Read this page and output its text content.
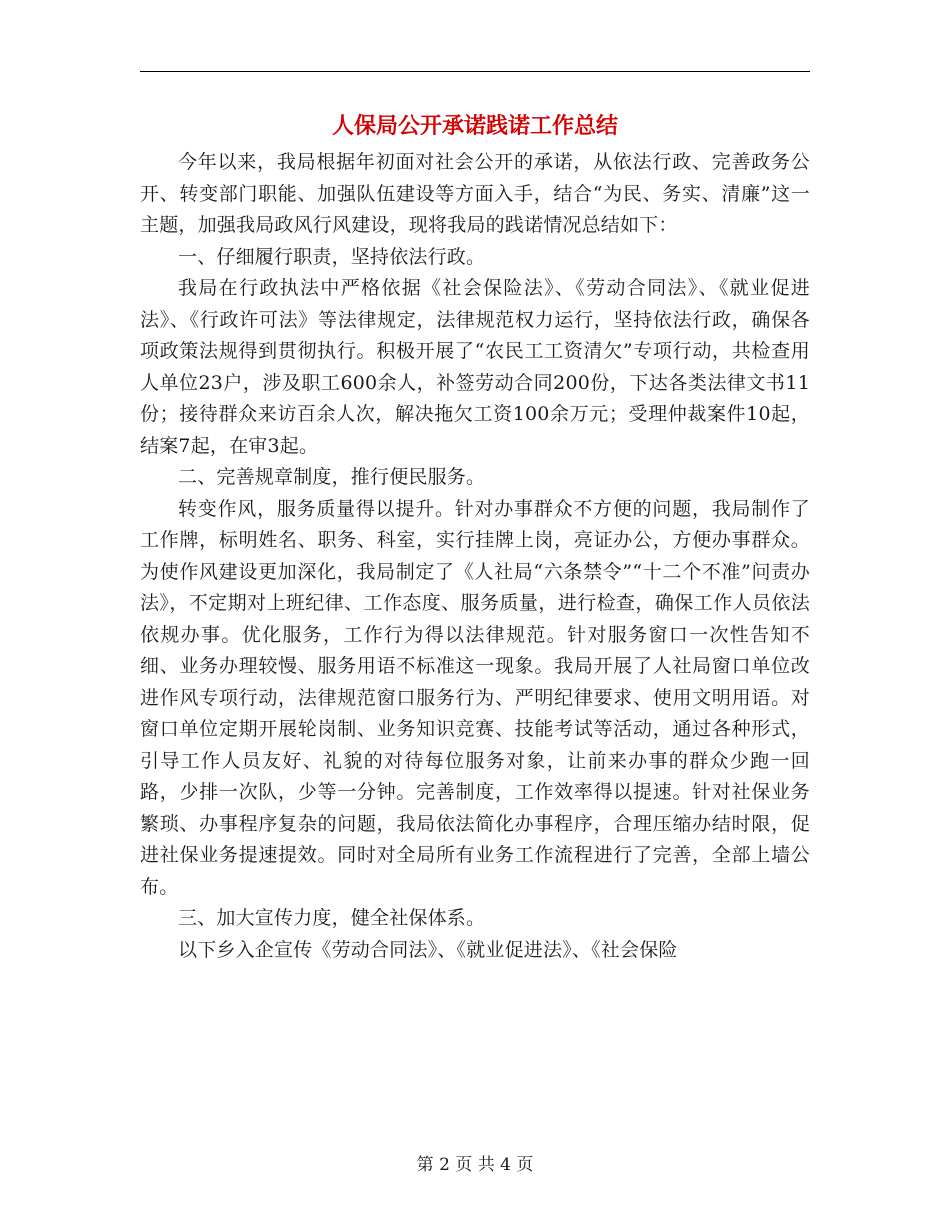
人保局公开承诺践诺工作总结

今年以来，我局根据年初面对社会公开的承诺，从依法行政、完善政务公开、转变部门职能、加强队伍建设等方面入手，结合“为民、务实、清廉”这一主题，加强我局政风行风建设，现将我局的践诺情况总结如下：

一、仔细履行职责，坚持依法行政。

我局在行政执法中严格依据《社会保险法》、《劳动合同法》、《就业促进法》、《行政许可法》等法律规定，法律规范权力运行，坚持依法行政，确保各项政策法规得到贯彻执行。积极开展了“农民工工资清欠”专项行动，共检查用人单位23户，涉及职工600余人，补签劳动合同200份，下达各类法律文书11份；接待群众来访百余人次，解决拖欠工资100余万元；受理仲裁案件10起，结案7起，在审3起。

二、完善规章制度，推行便民服务。

转变作风，服务质量得以提升。针对办事群众不方便的问题，我局制作了工作牌，标明姓名、职务、科室，实行挂牌上岗，亮证办公，方便办事群众。为使作风建设更加深化，我局制定了《人社局“六条禁令”“十二个不准”问责办法》，不定期对上班纪律、工作态度、服务质量，进行检查，确保工作人员依法依规办事。优化服务，工作行为得以法律规范。针对服务窗口一次性告知不细、业务办理较慢、服务用语不标准这一现象。我局开展了人社局窗口单位改进作风专项行动，法律规范窗口服务行为、严明纪律要求、使用文明用语。对窗口单位定期开展轮岗制、业务知识竞赛、技能考试等活动，通过各种形式，引导工作人员友好、礼貌的对待每位服务对象，让前来办事的群众少跑一回路，少排一次队，少等一分钟。完善制度，工作效率得以提速。针对社保业务繁琐、办事程序复杂的问题，我局依法简化办事程序，合理压缩办结时限，促进社保业务提速提效。同时对全局所有业务工作流程进行了完善，全部上墙公布。

三、加大宣传力度，健全社保体系。

以下乡入企宣传《劳动合同法》、《就业促进法》、《社会保险

第 2 页 共 4 页
